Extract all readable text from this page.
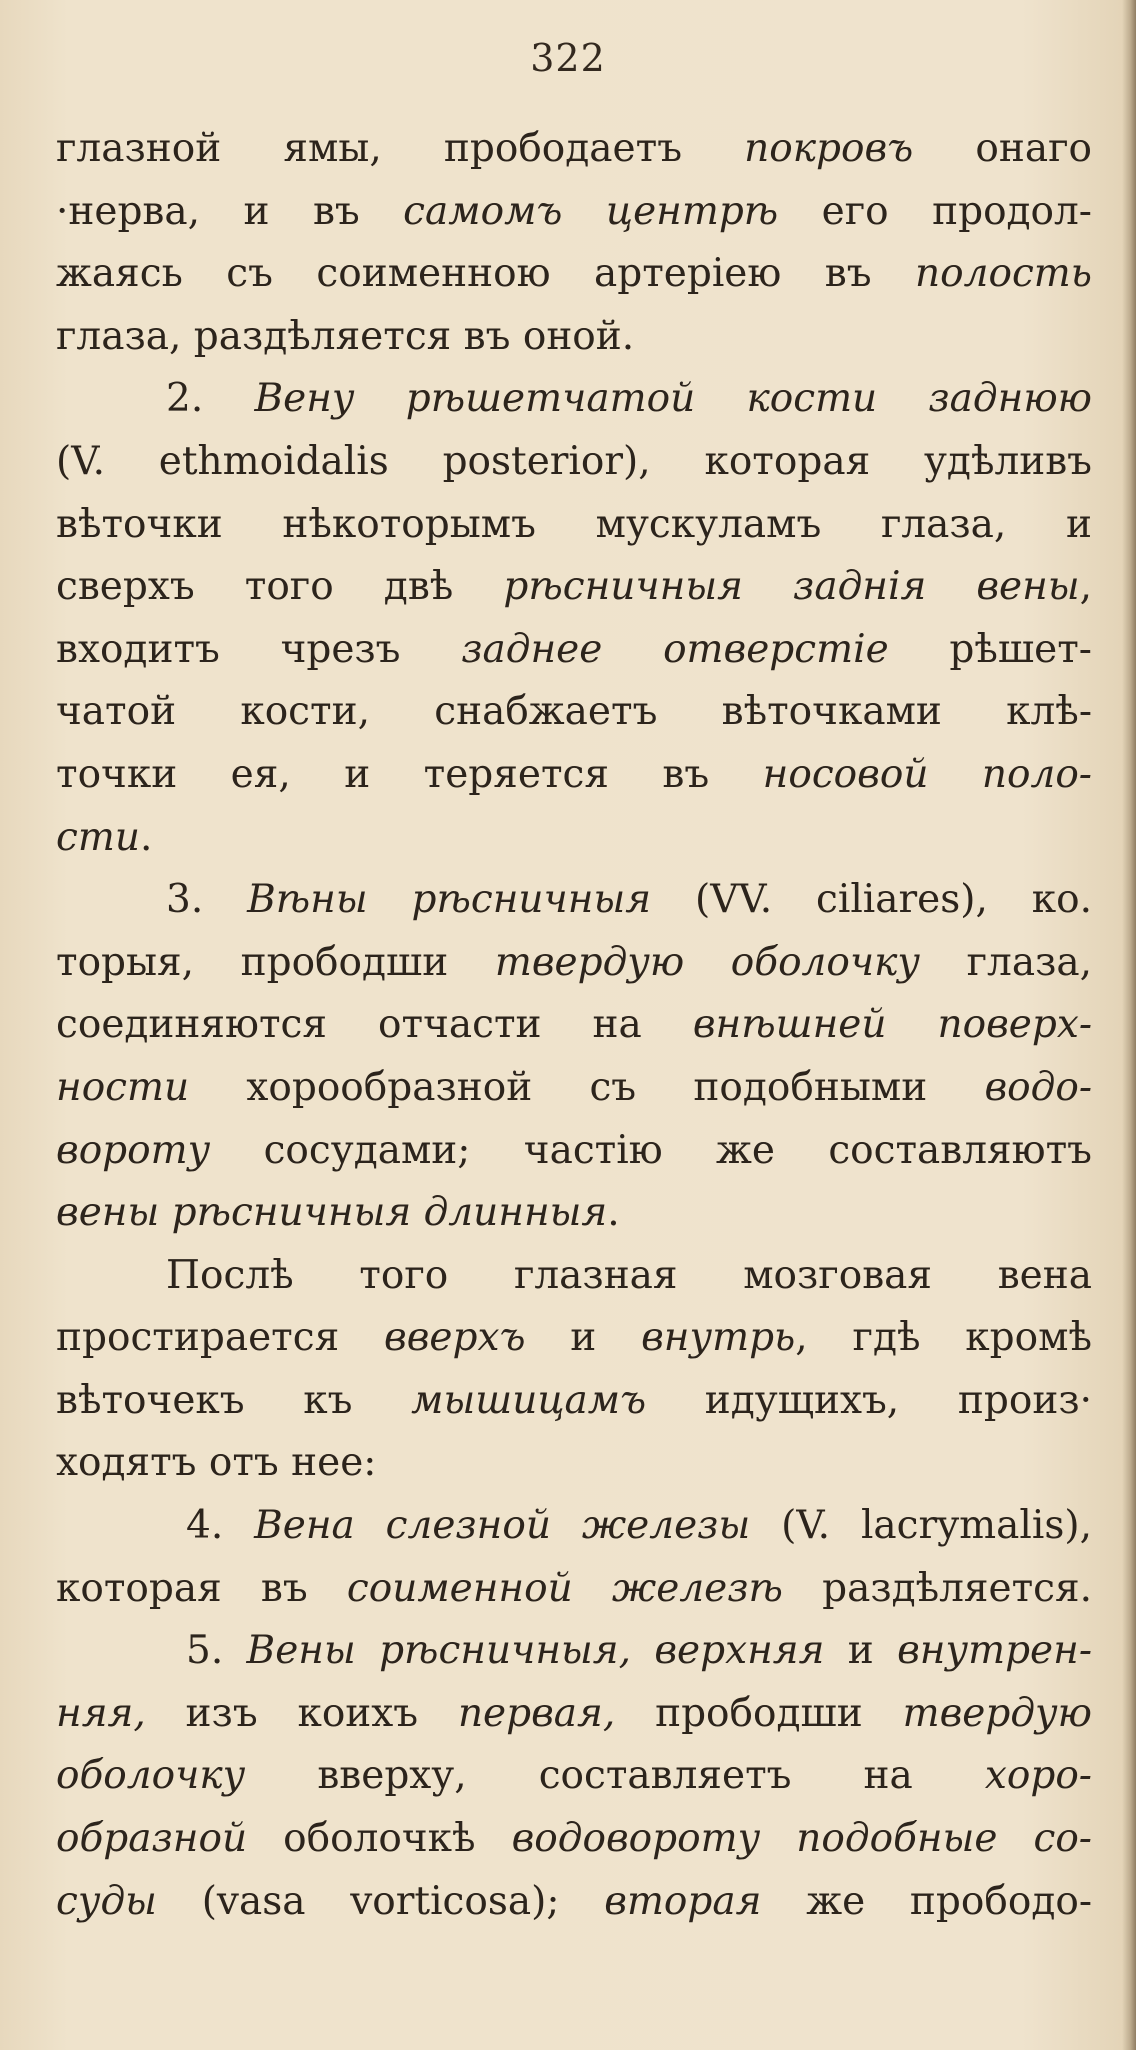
322
глазной ямы, прободаетъ покровъ онаго
·нерва, и въ самомъ центрѣ его продол-
жаясь съ соименною артеріею въ полость
глаза, раздѣляется въ оной.
2. Вену рѣшетчатой кости заднюю
(V. ethmoidalis posterior), которая удѣливъ
вѣточки нѣкоторымъ мускуламъ глаза, и
сверхъ того двѣ рѣсничныя заднія вены,
входитъ чрезъ заднее отверстіе рѣшет-
чатой кости, снабжаетъ вѣточками клѣ-
точки ея, и теряется въ носовой поло-
сти.
3. Вѣны рѣсничныя (VV. ciliares), ко.
торыя, прободши твердую оболочку глаза,
соединяются отчасти на внѣшней поверх-
ности хорообразной съ подобными водо-
вороту сосудами; частію же составляютъ
вены рѣсничныя длинныя.
Послѣ того глазная мозговая вена
простирается вверхъ и внутрь, гдѣ кромѣ
вѣточекъ къ мышицамъ идущихъ, произ·
ходятъ отъ нее:
4. Вена слезной железы (V. lacrymalis),
которая въ соименной железѣ раздѣляется.
5. Вены рѣсничныя, верхняя и внутрен-
няя, изъ коихъ первая, прободши твердую
оболочку вверху, составляетъ на хоро-
образной оболочкѣ водовороту подобные со-
суды (vasa vorticosa); вторая же прободо-
